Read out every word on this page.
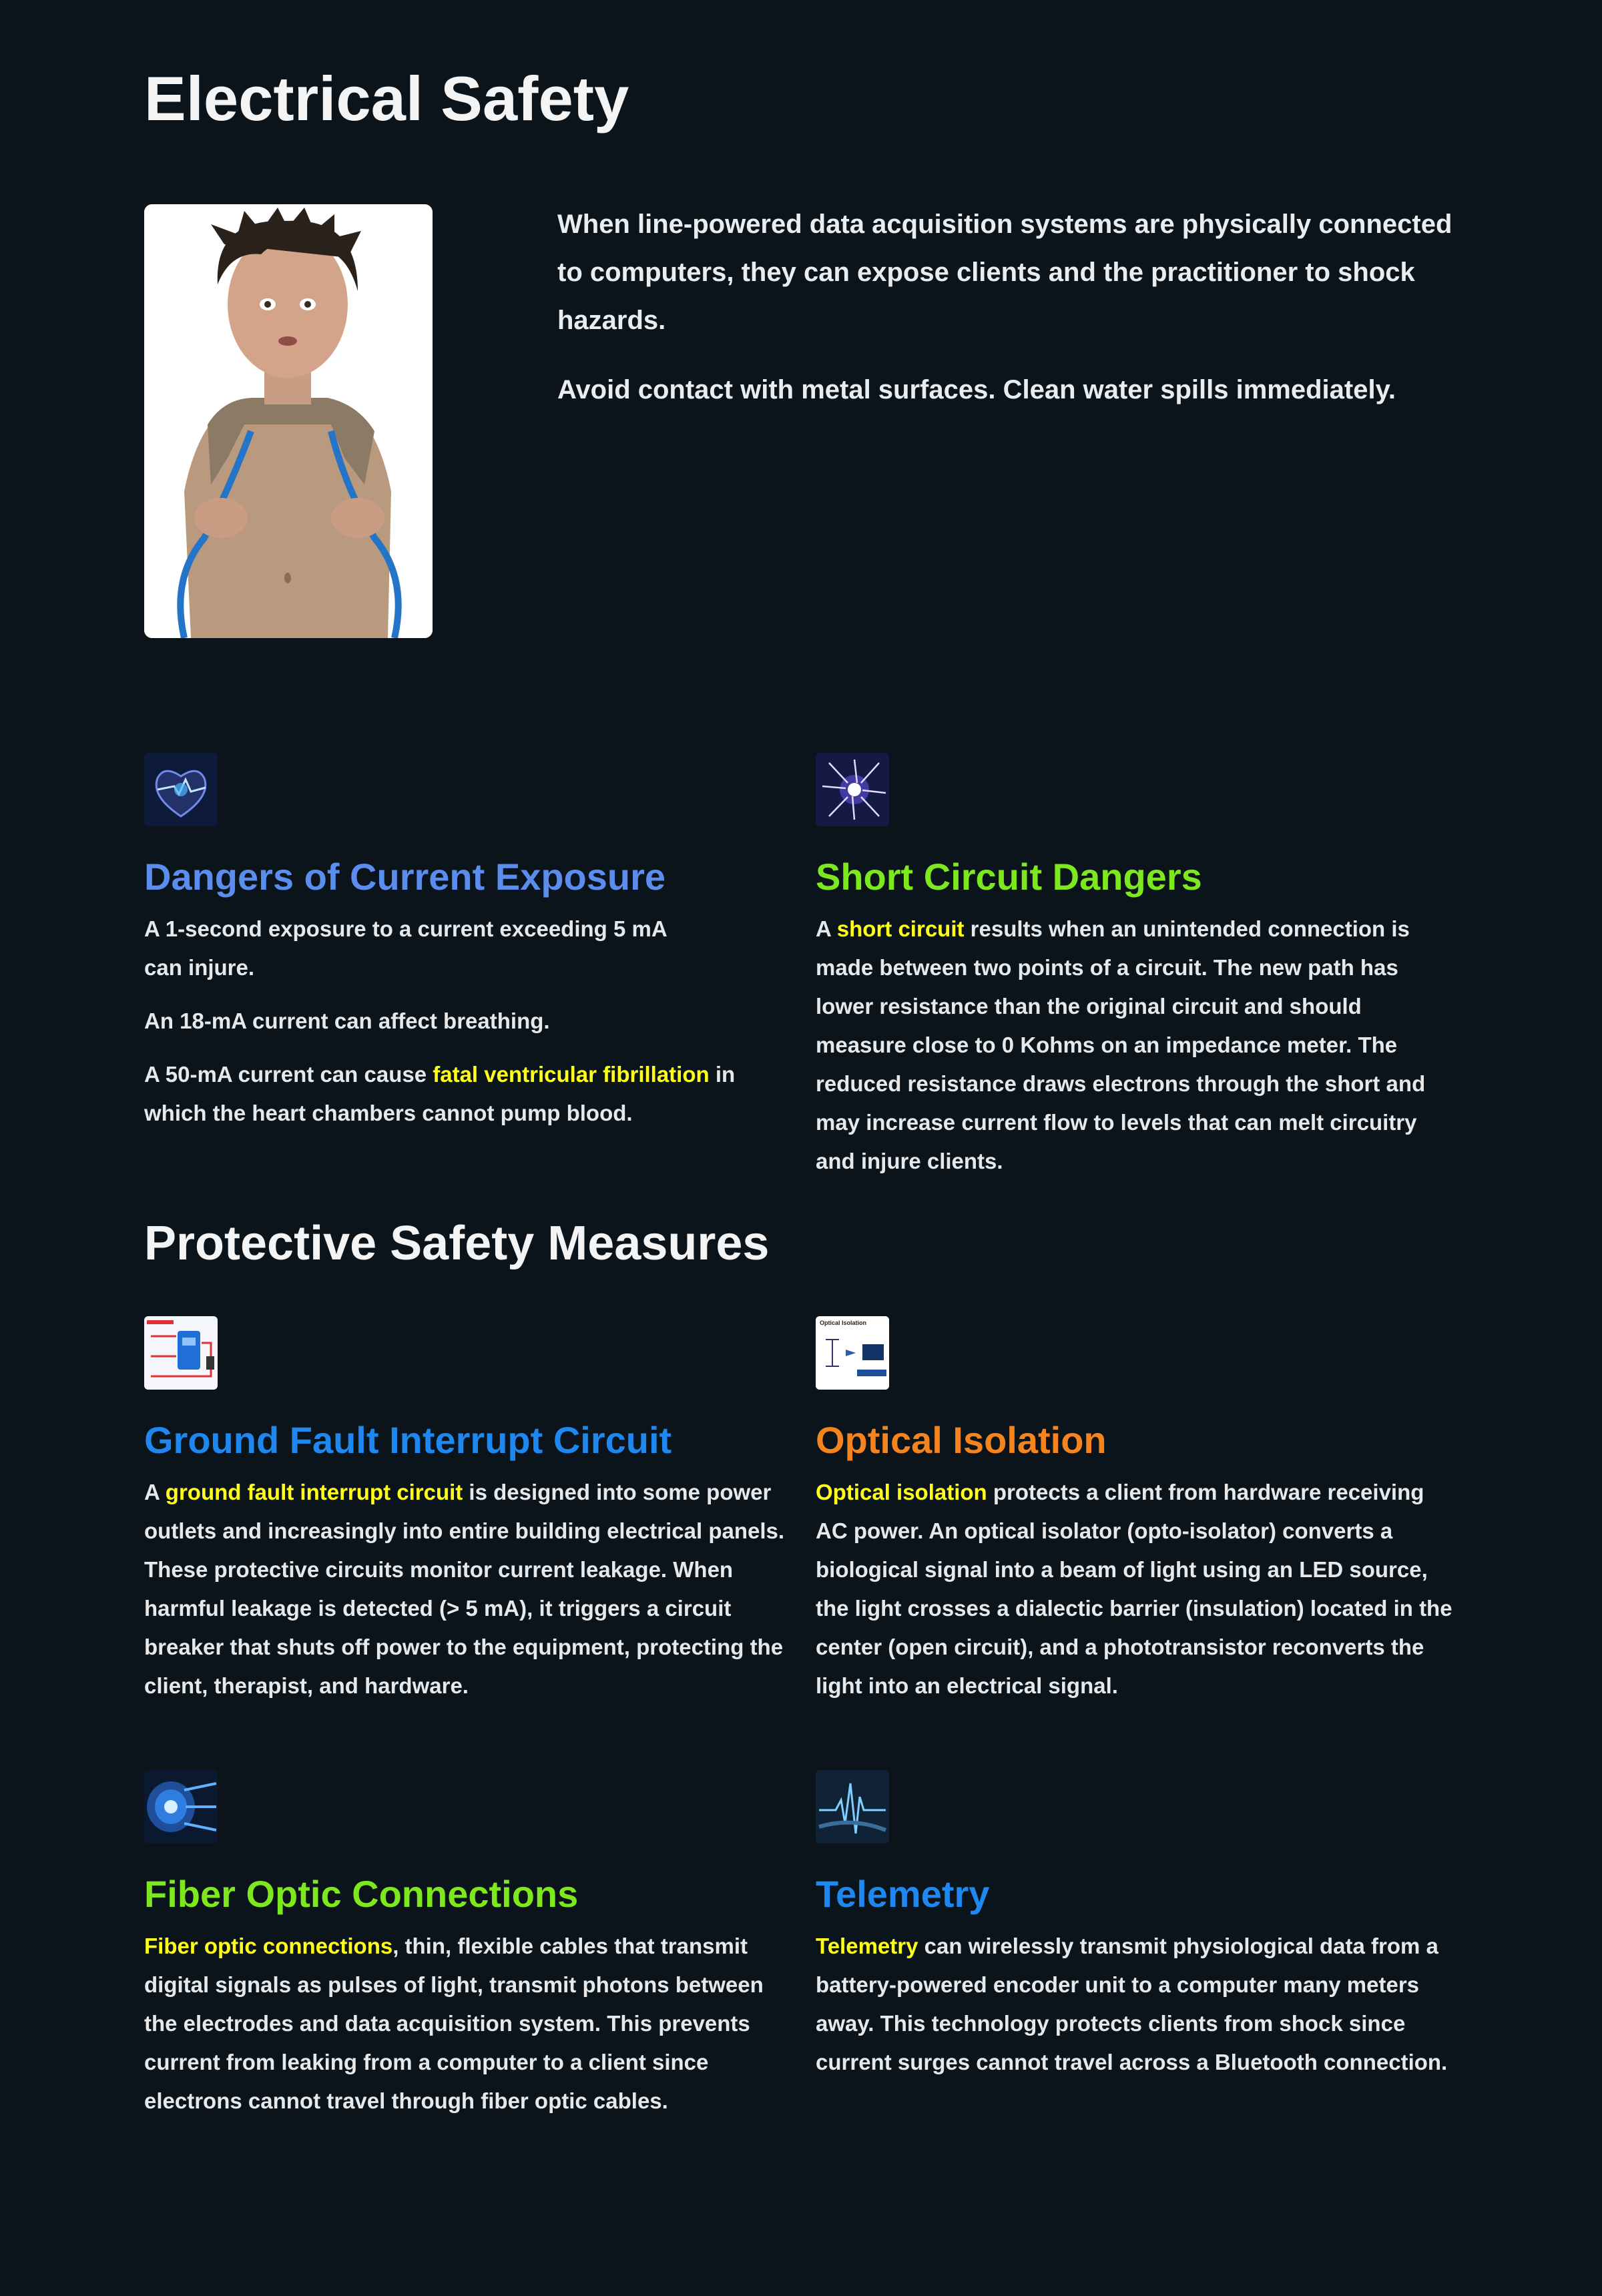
Electrical Safety

When line-powered data acquisition systems are physically connected to computers, they can expose clients and the practitioner to shock hazards.

Avoid contact with metal surfaces. Clean water spills immediately.

Dangers of Current Exposure

A 1-second exposure to a current exceeding 5 mA
can injure.

An 18-mA current can affect breathing.

A 50-mA current can cause fatal ventricular fibrillation in which the heart chambers cannot pump blood.

Short Circuit Dangers

A short circuit results when an unintended connection is made between two points of a circuit. The new path has lower resistance than the original circuit and should measure close to 0 Kohms on an impedance meter. The reduced resistance draws electrons through the short and may increase current flow to levels that can melt circuitry and injure clients.

Protective Safety Measures
Ground Fault Interrupt Circuit

A ground fault interrupt circuit is designed into some power outlets and increasingly into entire building electrical panels. These protective circuits monitor current leakage. When harmful leakage is detected (> 5 mA), it triggers a circuit breaker that shuts off power to the equipment, protecting the client, therapist, and hardware.

Optical Isolation
Optical Isolation

Optical isolation protects a client from hardware receiving AC power. An optical isolator (opto-isolator) converts a biological signal into a beam of light using an LED source, the light crosses a dialectic barrier (insulation) located in the center (open circuit), and a phototransistor reconverts the light into an electrical signal.

Fiber Optic Connections

Fiber optic connections, thin, flexible cables that transmit digital signals as pulses of light, transmit photons between the electrodes and data acquisition system. This prevents current from leaking from a computer to a client since electrons cannot travel through fiber optic cables.

Telemetry

Telemetry can wirelessly transmit physiological data from a battery-powered encoder unit to a computer many meters away. This technology protects clients from shock since current surges cannot travel across a Bluetooth connection.
